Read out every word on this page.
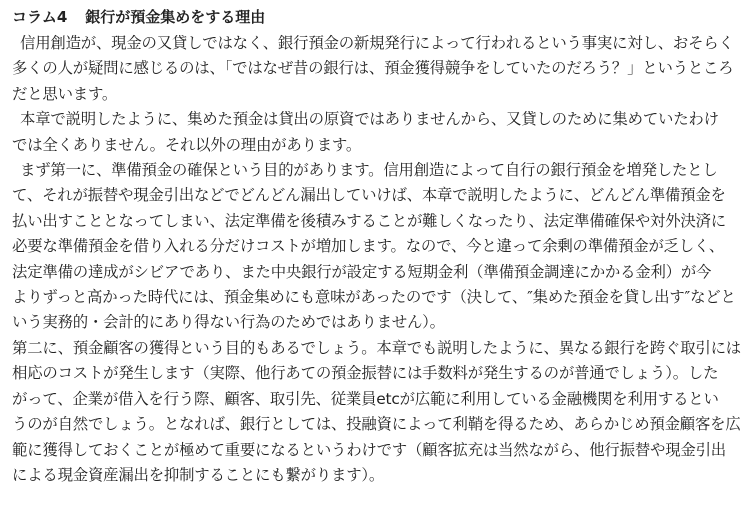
コラム4 銀行が預金集めをする理由

信用創造が、現金の又貸しではなく、銀行預金の新規発行によって行われるという事実に対し、おそらく
多くの人が疑問に感じるのは、「ではなぜ昔の銀行は、預金獲得競争をしていたのだろう？」というところ
だと思います。

本章で説明したように、集めた預金は貸出の原資ではありませんから、又貸しのために集めていたわけ
では全くありません。それ以外の理由があります。

まず第一に、準備預金の確保という目的があります。信用創造によって自行の銀行預金を増発したとし
て、それが振替や現金引出などでどんどん漏出していけば、本章で説明したように、どんどん準備預金を
払い出すこととなってしまい、法定準備を後積みすることが難しくなったり、法定準備確保や対外決済に
必要な準備預金を借り入れる分だけコストが増加します。なので、今と違って余剰の準備預金が乏しく、
法定準備の達成がシビアであり、また中央銀行が設定する短期金利（準備預金調達にかかる金利）が今
よりずっと高かった時代には、預金集めにも意味があったのです（決して、″集めた預金を貸し出す″などと
いう実務的・会計的にあり得ない行為のためではありません）。

第二に、預金顧客の獲得という目的もあるでしょう。本章でも説明したように、異なる銀行を跨ぐ取引には
相応のコストが発生します（実際、他行あての預金振替には手数料が発生するのが普通でしょう）。した
がって、企業が借入を行う際、顧客、取引先、従業員etcが広範に利用している金融機関を利用するとい
うのが自然でしょう。となれば、銀行としては、投融資によって利鞘を得るため、あらかじめ預金顧客を広
範に獲得しておくことが極めて重要になるというわけです（顧客拡充は当然ながら、他行振替や現金引出
による現金資産漏出を抑制することにも繋がります）。
